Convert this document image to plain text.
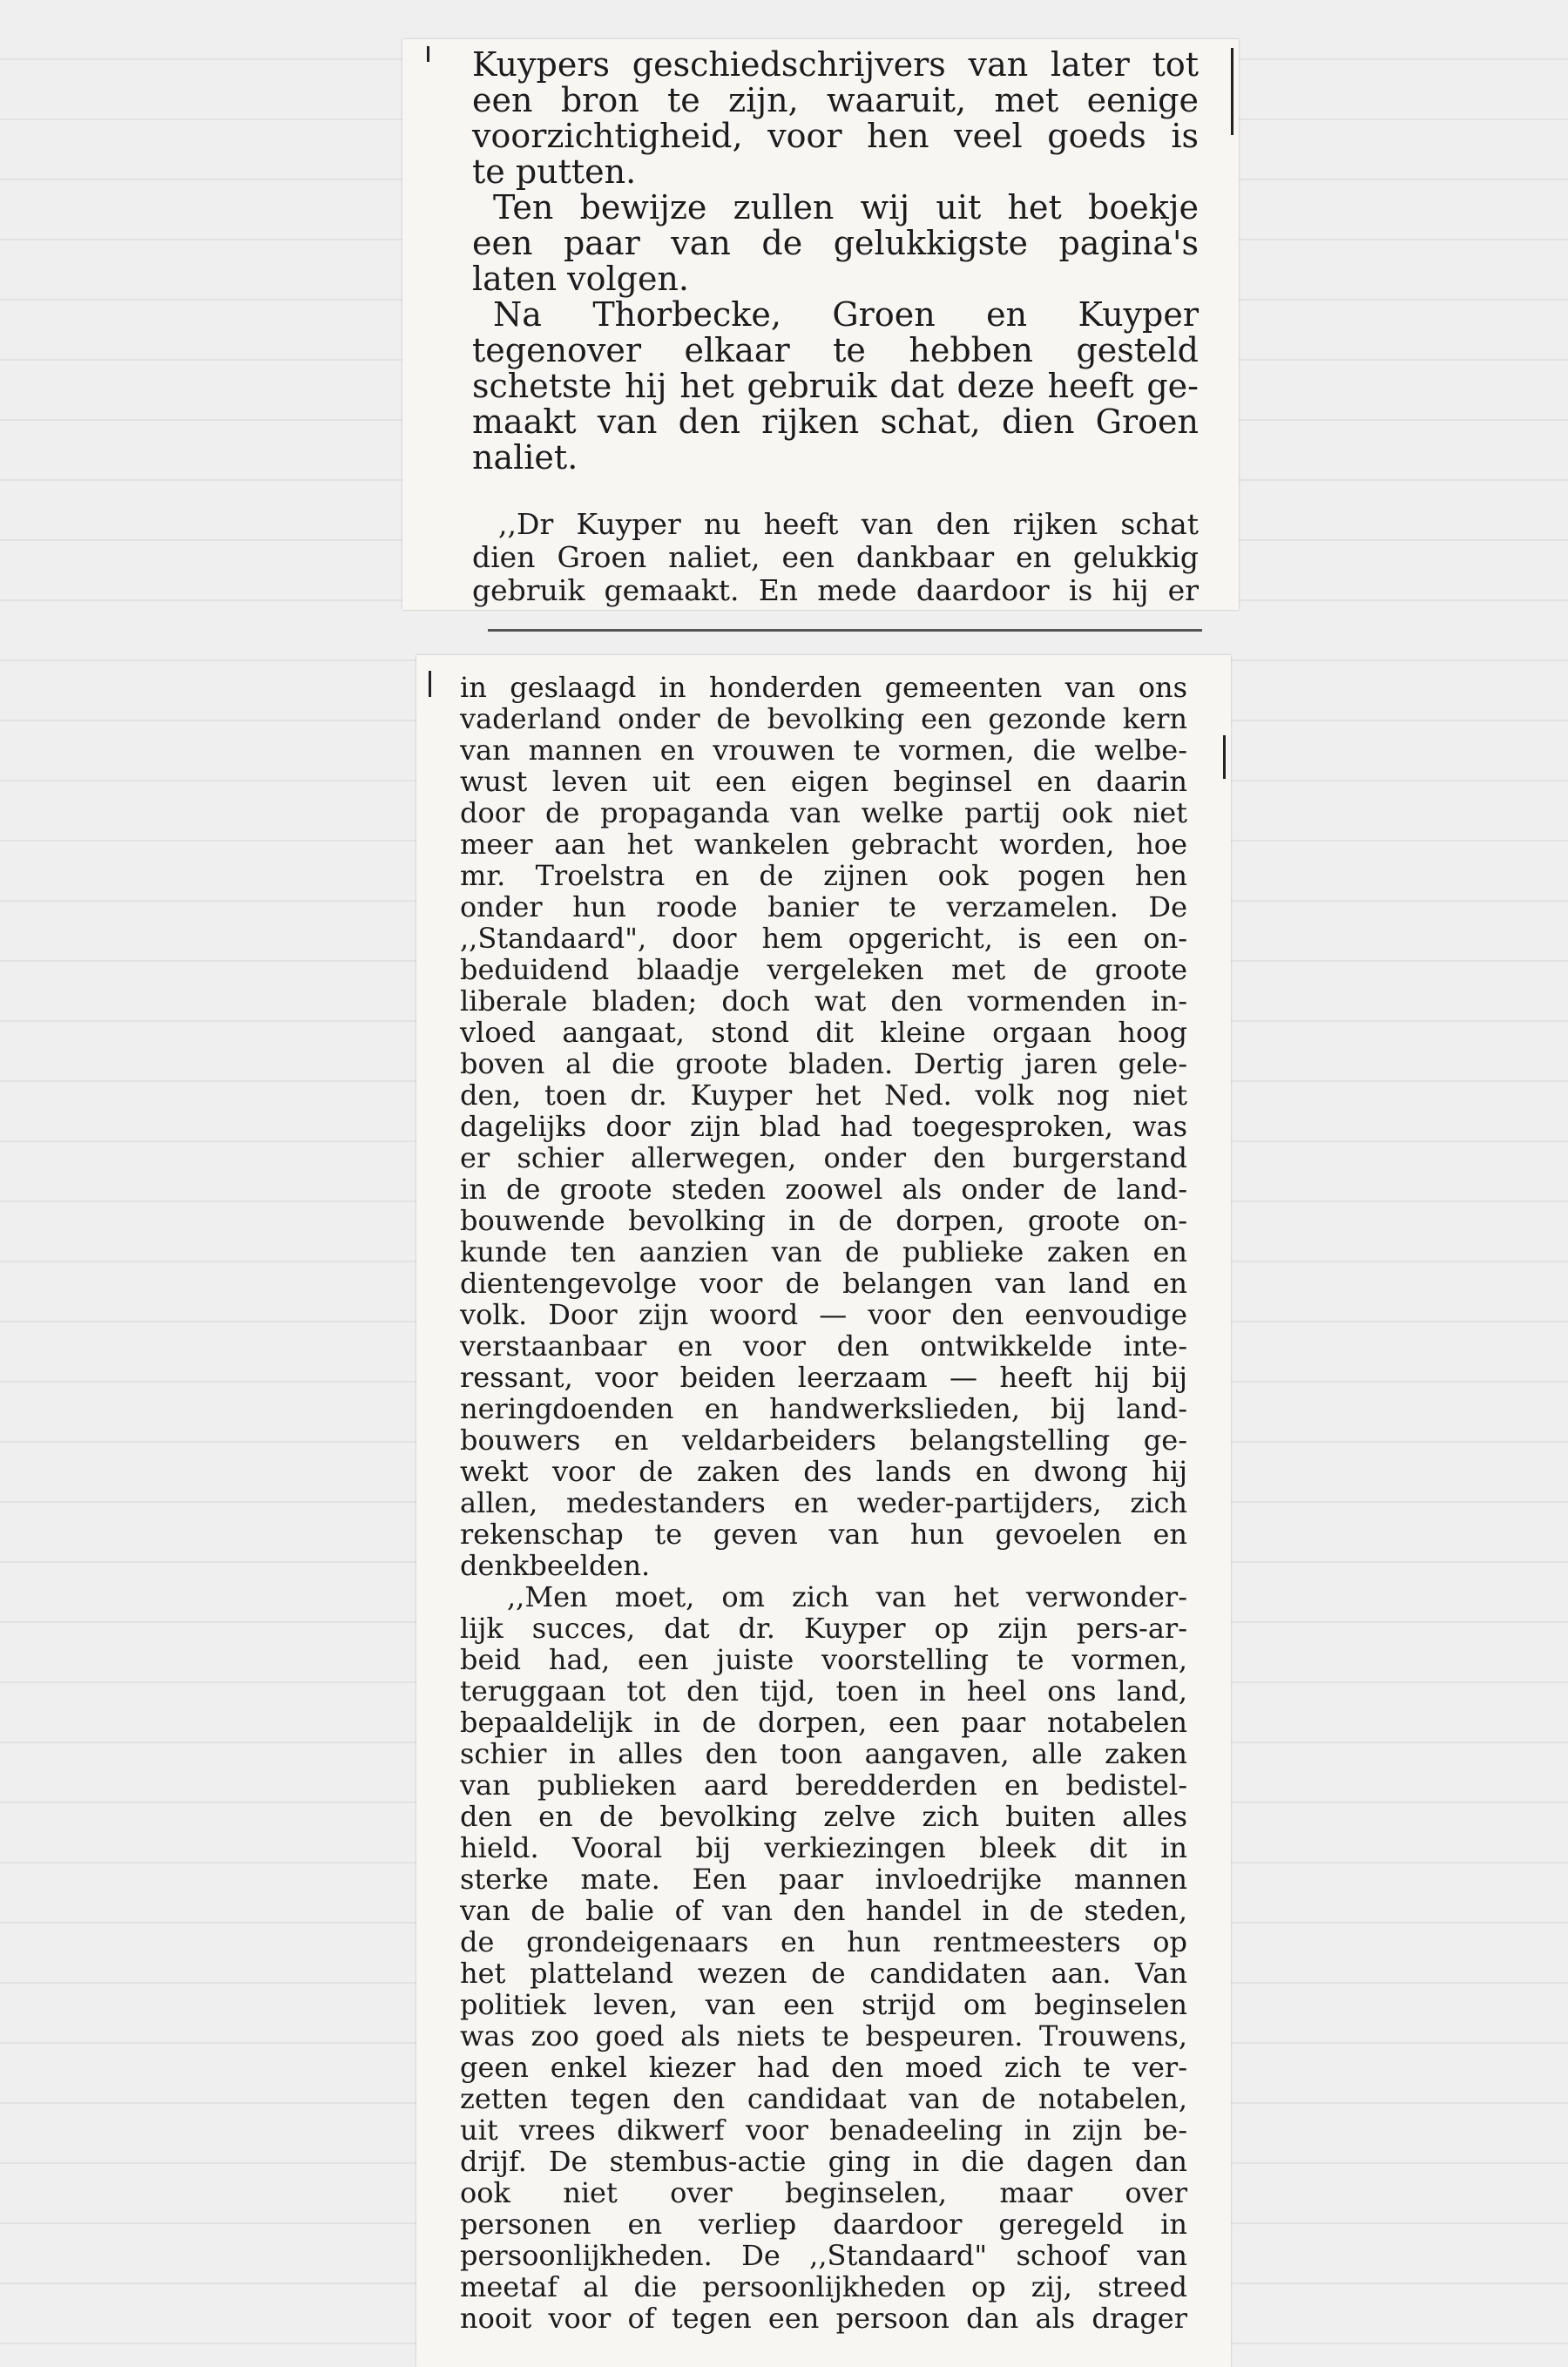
Kuypers geschiedschrijvers van later tot
een bron te zijn, waaruit, met eenige
voorzichtigheid, voor hen veel goeds is
te putten.
Ten bewijze zullen wij uit het boekje
een paar van de gelukkigste pagina's
laten volgen.
Na Thorbecke, Groen en Kuyper
tegenover elkaar te hebben gesteld
schetste hij het gebruik dat deze heeft ge-
maakt van den rijken schat, dien Groen
naliet.
,,Dr Kuyper nu heeft van den rijken schat
dien Groen naliet, een dankbaar en gelukkig
gebruik gemaakt. En mede daardoor is hij er
in geslaagd in honderden gemeenten van ons
vaderland onder de bevolking een gezonde kern
van mannen en vrouwen te vormen, die welbe-
wust leven uit een eigen beginsel en daarin
door de propaganda van welke partij ook niet
meer aan het wankelen gebracht worden, hoe
mr. Troelstra en de zijnen ook pogen hen
onder hun roode banier te verzamelen. De
,,Standaard", door hem opgericht, is een on-
beduidend blaadje vergeleken met de groote
liberale bladen; doch wat den vormenden in-
vloed aangaat, stond dit kleine orgaan hoog
boven al die groote bladen. Dertig jaren gele-
den, toen dr. Kuyper het Ned. volk nog niet
dagelijks door zijn blad had toegesproken, was
er schier allerwegen, onder den burgerstand
in de groote steden zoowel als onder de land-
bouwende bevolking in de dorpen, groote on-
kunde ten aanzien van de publieke zaken en
dientengevolge voor de belangen van land en
volk. Door zijn woord — voor den eenvoudige
verstaanbaar en voor den ontwikkelde inte-
ressant, voor beiden leerzaam — heeft hij bij
neringdoenden en handwerkslieden, bij land-
bouwers en veldarbeiders belangstelling ge-
wekt voor de zaken des lands en dwong hij
allen, medestanders en weder-partijders, zich
rekenschap te geven van hun gevoelen en
denkbeelden.
,,Men moet, om zich van het verwonder-
lijk succes, dat dr. Kuyper op zijn pers-ar-
beid had, een juiste voorstelling te vormen,
teruggaan tot den tijd, toen in heel ons land,
bepaaldelijk in de dorpen, een paar notabelen
schier in alles den toon aangaven, alle zaken
van publieken aard beredderden en bedistel-
den en de bevolking zelve zich buiten alles
hield. Vooral bij verkiezingen bleek dit in
sterke mate. Een paar invloedrijke mannen
van de balie of van den handel in de steden,
de grondeigenaars en hun rentmeesters op
het platteland wezen de candidaten aan. Van
politiek leven, van een strijd om beginselen
was zoo goed als niets te bespeuren. Trouwens,
geen enkel kiezer had den moed zich te ver-
zetten tegen den candidaat van de notabelen,
uit vrees dikwerf voor benadeeling in zijn be-
drijf. De stembus-actie ging in die dagen dan
ook niet over beginselen, maar over
personen en verliep daardoor geregeld in
persoonlijkheden. De ,,Standaard" schoof van
meetaf al die persoonlijkheden op zij, streed
nooit voor of tegen een persoon dan als drager
